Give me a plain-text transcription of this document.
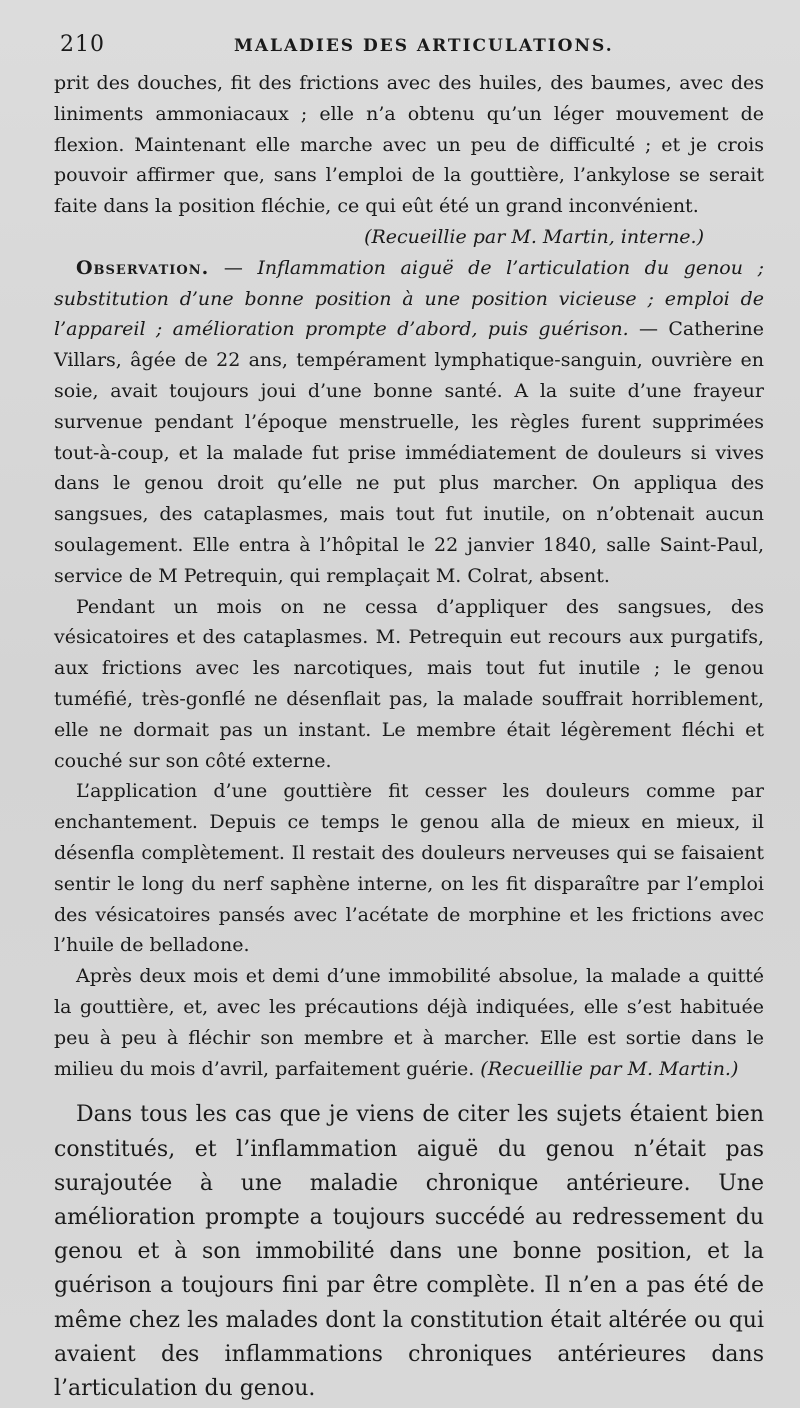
210	MALADIES DES ARTICULATIONS.

prit des douches, fit des frictions avec des huiles, des baumes, avec des liniments ammoniacaux ; elle n’a obtenu qu’un léger mouvement de flexion. Maintenant elle marche avec un peu de difficulté ; et je crois pouvoir affirmer que, sans l’emploi de la gouttière, l’ankylose se serait faite dans la position fléchie, ce qui eût été un grand inconvénient.

(Recueillie par M. Martin, interne.)

Observation. — Inflammation aiguë de l’articulation du genou ; substitution d’une bonne position à une position vicieuse ; emploi de l’appareil ; amélioration prompte d’abord, puis guérison. — Catherine Villars, âgée de 22 ans, tempérament lymphatique-sanguin, ouvrière en soie, avait toujours joui d’une bonne santé. A la suite d’une frayeur survenue pendant l’époque menstruelle, les règles furent supprimées tout-à-coup, et la malade fut prise immédiatement de douleurs si vives dans le genou droit qu’elle ne put plus marcher. On appliqua des sangsues, des cataplasmes, mais tout fut inutile, on n’obtenait aucun soulagement. Elle entra à l’hôpital le 22 janvier 1840, salle Saint-Paul, service de M Petrequin, qui remplaçait M. Colrat, absent.

Pendant un mois on ne cessa d’appliquer des sangsues, des vésicatoires et des cataplasmes. M. Petrequin eut recours aux purgatifs, aux frictions avec les narcotiques, mais tout fut inutile ; le genou tuméfié, très-gonflé ne désenflait pas, la malade souffrait horriblement, elle ne dormait pas un instant. Le membre était légèrement fléchi et couché sur son côté externe.

L’application d’une gouttière fit cesser les douleurs comme par enchantement. Depuis ce temps le genou alla de mieux en mieux, il désenfla complètement. Il restait des douleurs nerveuses qui se faisaient sentir le long du nerf saphène interne, on les fit disparaître par l’emploi des vésicatoires pansés avec l’acétate de morphine et les frictions avec l’huile de belladone.

Après deux mois et demi d’une immobilité absolue, la malade a quitté la gouttière, et, avec les précautions déjà indiquées, elle s’est habituée peu à peu à fléchir son membre et à marcher. Elle est sortie dans le milieu du mois d’avril, parfaitement guérie. (Recueillie par M. Martin.)

Dans tous les cas que je viens de citer les sujets étaient bien constitués, et l’inflammation aiguë du genou n’était pas surajoutée à une maladie chronique antérieure. Une amélioration prompte a toujours succédé au redressement du genou et à son immobilité dans une bonne position, et la guérison a toujours fini par être complète. Il n’en a pas été de même chez les malades dont la constitution était altérée ou qui avaient des inflammations chroniques antérieures dans l’articulation du genou.
